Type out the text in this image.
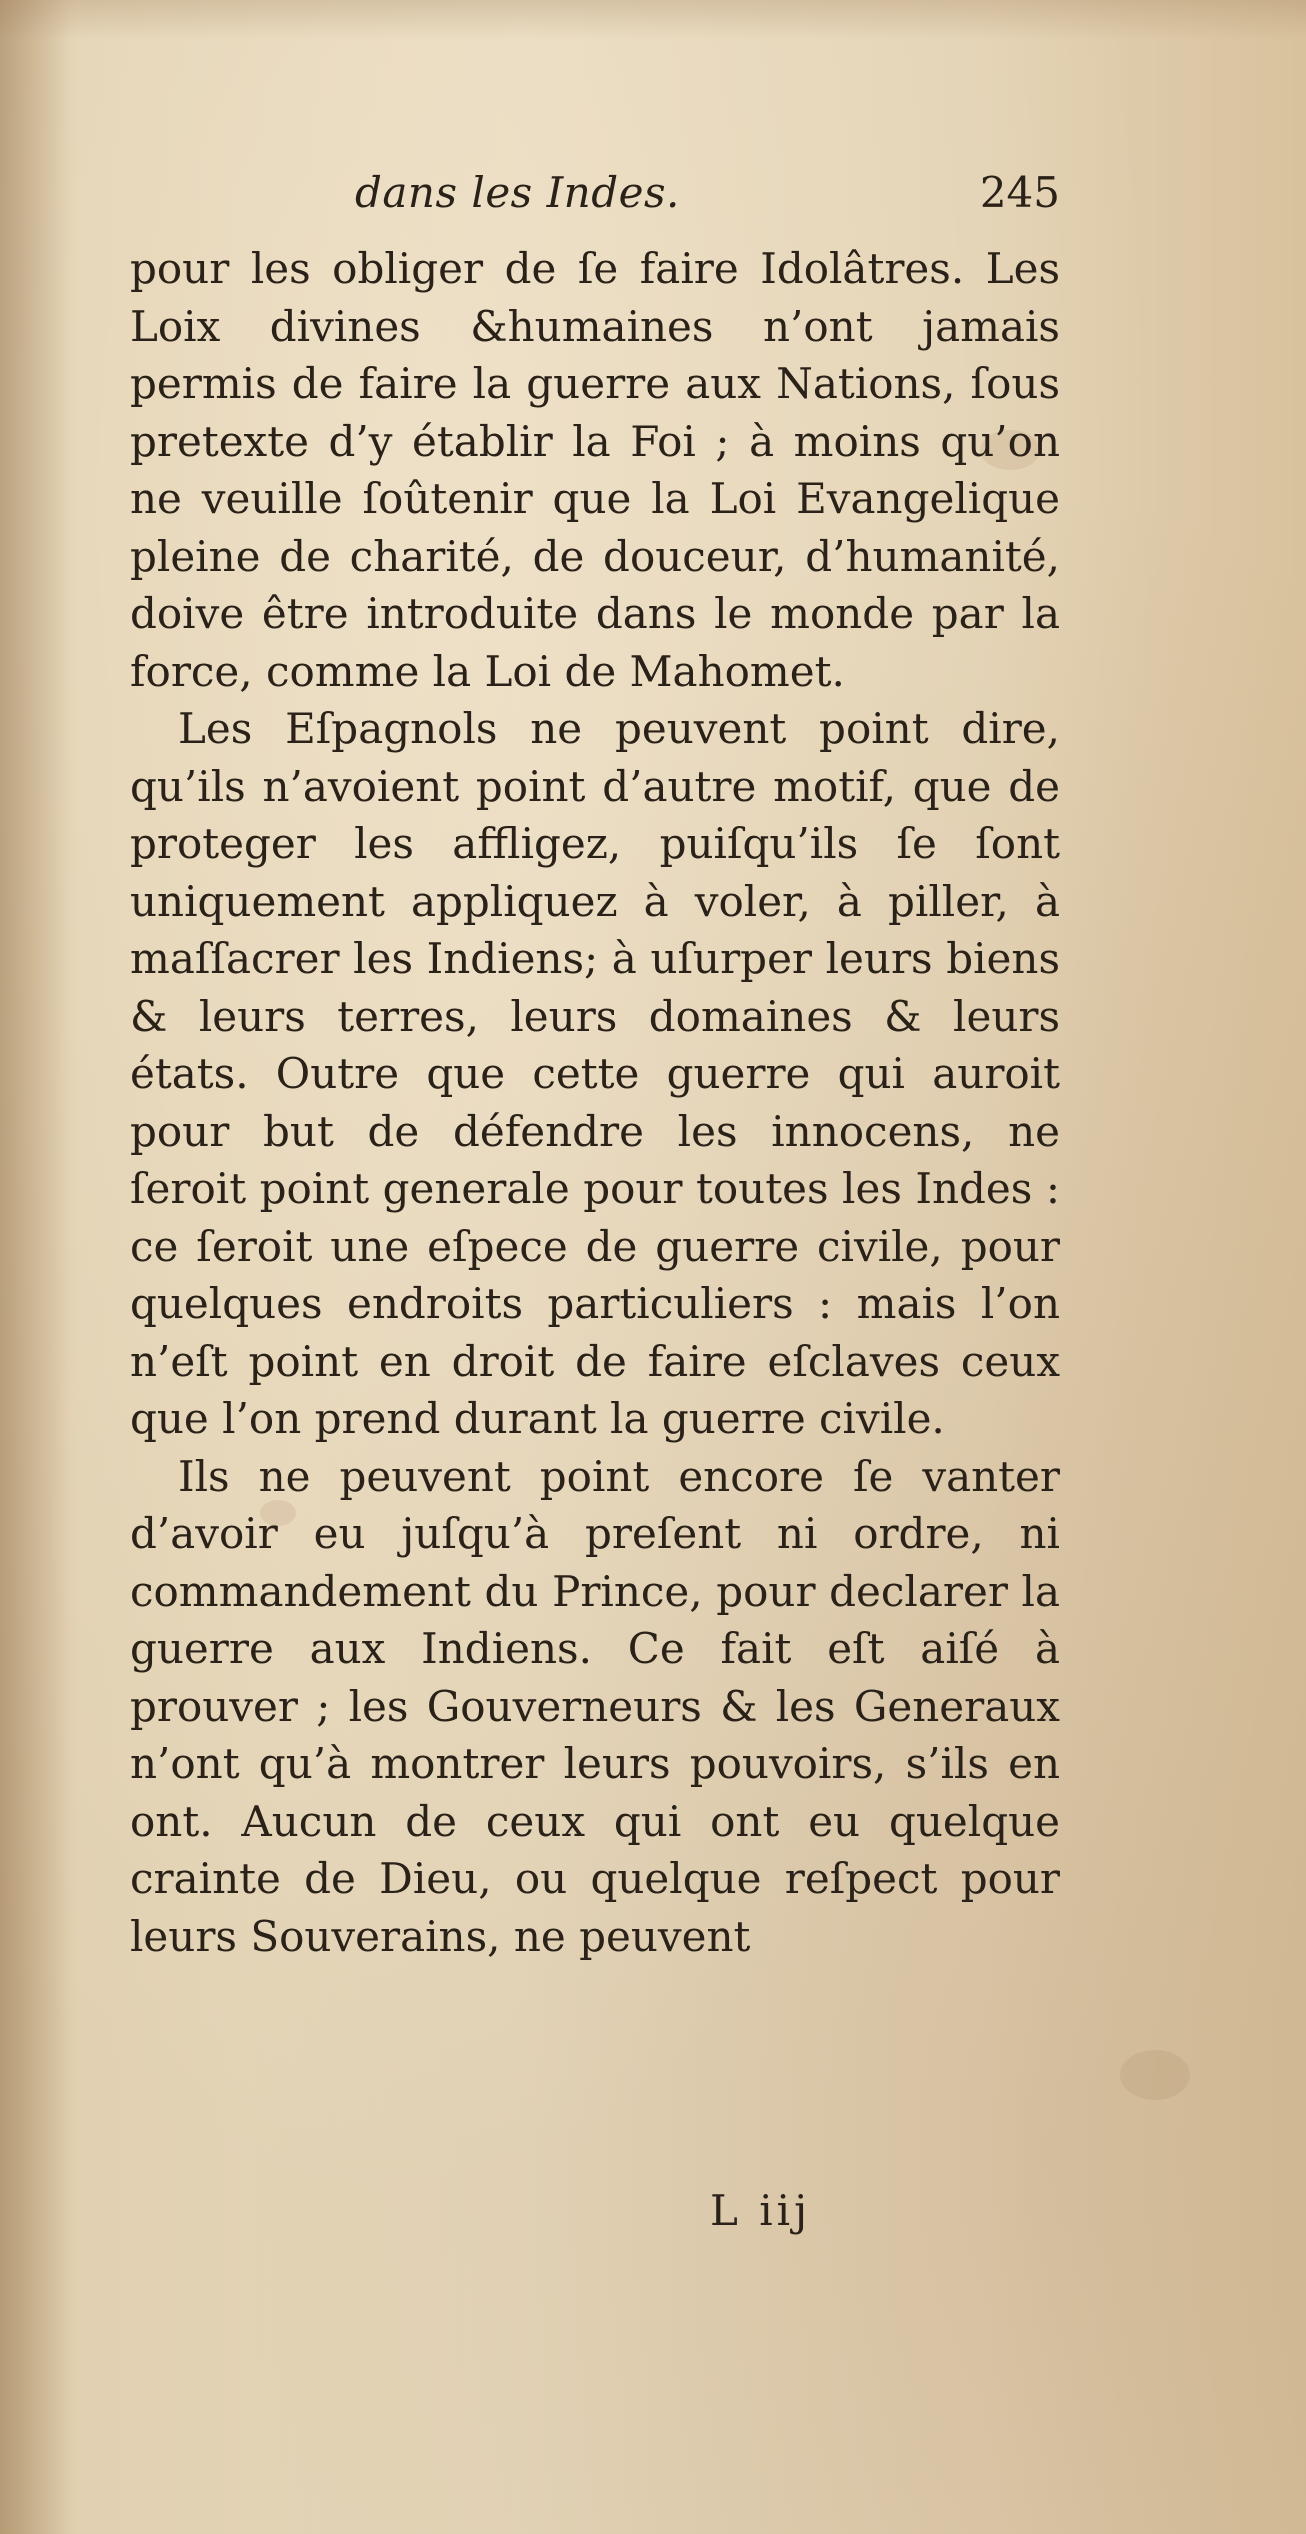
dans les Indes.	245

pour les obliger de ſe faire Idolâtres. Les Loix divines &humaines n’ont jamais permis de faire la guerre aux Nations, ſous pretexte d’y établir la Foi ; à moins qu’on ne veuille ſoûtenir que la Loi Evangelique pleine de charité, de douceur, d’humanité, doive être introduite dans le monde par la force, comme la Loi de Mahomet.

Les Eſpagnols ne peuvent point dire, qu’ils n’avoient point d’autre motif, que de proteger les affligez, puiſqu’ils ſe ſont uniquement appliquez à voler, à piller, à maſſacrer les Indiens; à uſurper leurs biens & leurs terres, leurs domaines & leurs états. Outre que cette guerre qui auroit pour but de défendre les innocens, ne ſeroit point generale pour toutes les Indes : ce ſeroit une eſpece de guerre civile, pour quelques endroits particuliers : mais l’on n’eſt point en droit de faire eſclaves ceux que l’on prend durant la guerre civile.

Ils ne peuvent point encore ſe vanter d’avoir eu juſqu’à preſent ni ordre, ni commandement du Prince, pour declarer la guerre aux Indiens. Ce fait eſt aiſé à prouver ; les Gouverneurs & les Generaux n’ont qu’à montrer leurs pouvoirs, s’ils en ont. Aucun de ceux qui ont eu quelque crainte de Dieu, ou quelque reſpect pour leurs Souverains, ne peuvent

L iij
